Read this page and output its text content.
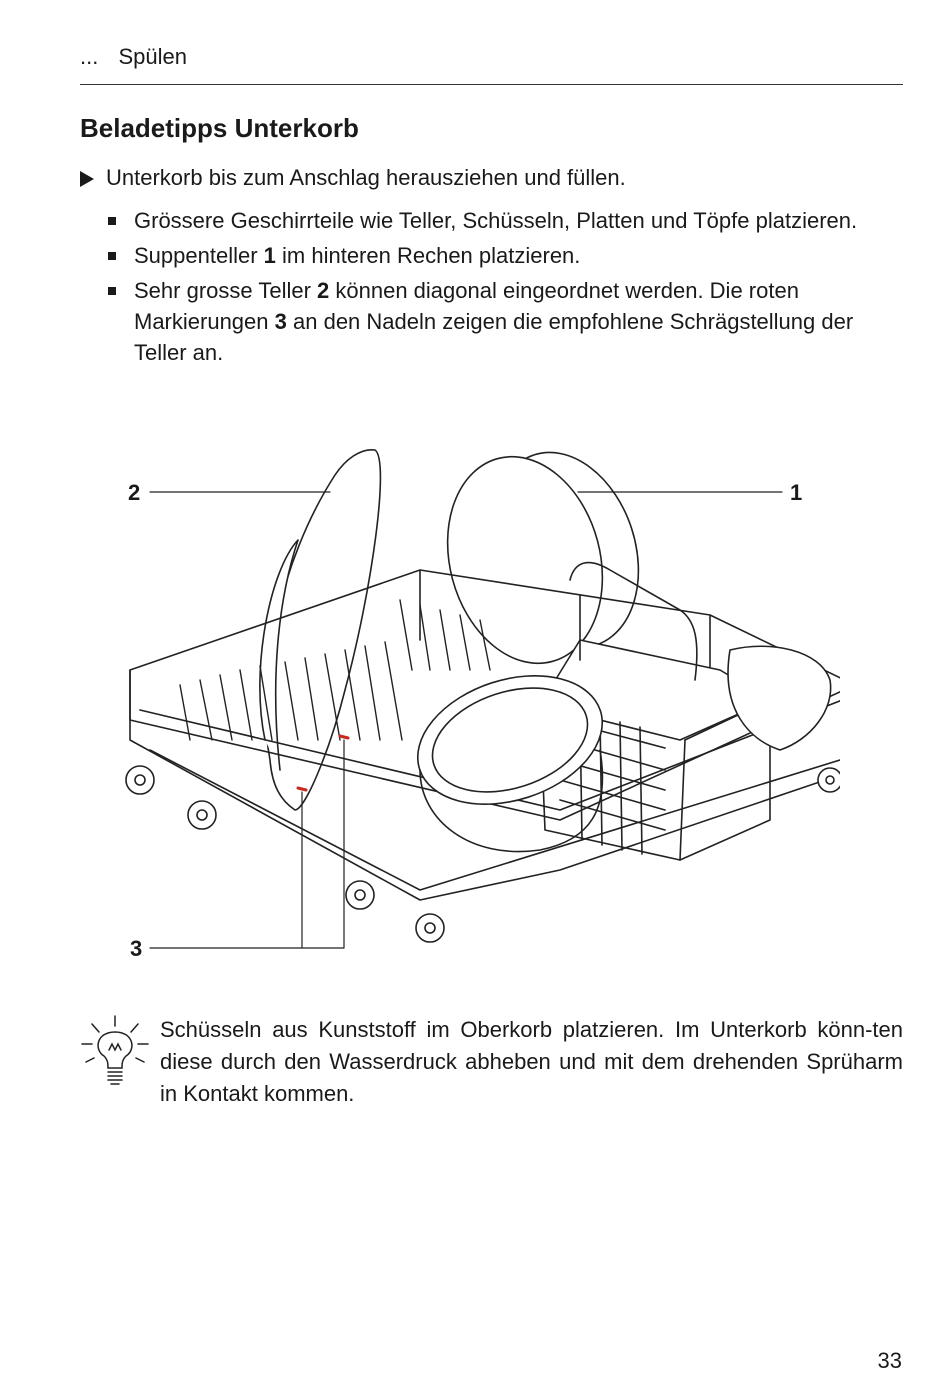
... Spülen
Beladetipps Unterkorb
Unterkorb bis zum Anschlag herausziehen und füllen.
Grössere Geschirrteile wie Teller, Schüsseln, Platten und Töpfe platzieren.
Suppenteller 1 im hinteren Rechen platzieren.
Sehr grosse Teller 2 können diagonal eingeordnet werden. Die roten Markierungen 3 an den Nadeln zeigen die empfohlene Schrägstellung der Teller an.
2	1
3
Schüsseln aus Kunststoff im Oberkorb platzieren. Im Unterkorb könn-ten diese durch den Wasserdruck abheben und mit dem drehenden Sprüharm in Kontakt kommen.
33
